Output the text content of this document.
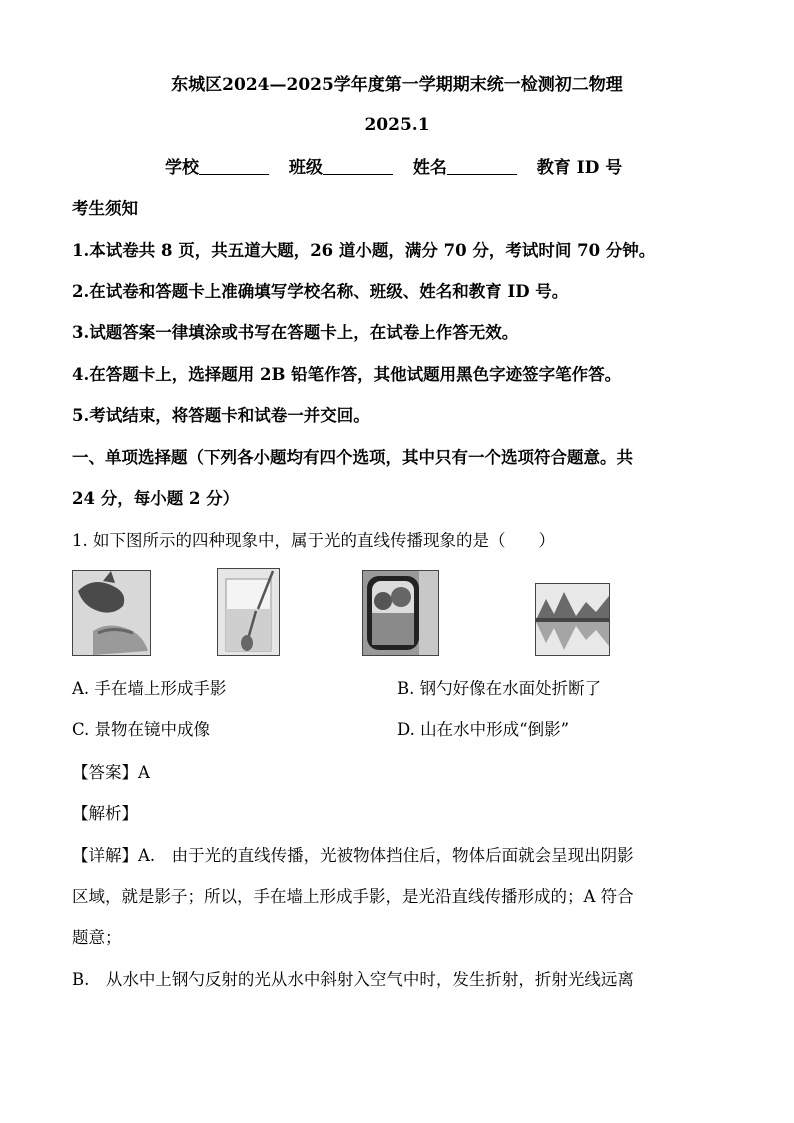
东城区2024—2025学年度第一学期期末统一检测初二物理
2025.1
学校	班级	姓名	教育 ID 号
考生须知
1.本试卷共 8 页，共五道大题，26 道小题，满分 70 分，考试时间 70 分钟。
2.在试卷和答题卡上准确填写学校名称、班级、姓名和教育 ID 号。
3.试题答案一律填涂或书写在答题卡上，在试卷上作答无效。
4.在答题卡上，选择题用 2B 铅笔作答，其他试题用黑色字迹签字笔作答。
5.考试结束，将答题卡和试卷一并交回。
一、单项选择题（下列各小题均有四个选项，其中只有一个选项符合题意。共
24 分，每小题 2 分）
1. 如下图所示的四种现象中，属于光的直线传播现象的是（　　）
A. 手在墙上形成手影	B. 钢勺好像在水面处折断了
C. 景物在镜中成像	D. 山在水中形成“倒影”
【答案】A
【解析】
【详解】A.　由于光的直线传播，光被物体挡住后，物体后面就会呈现出阴影
区域，就是影子；所以，手在墙上形成手影，是光沿直线传播形成的；A 符合
题意；
B.　从水中上钢勺反射的光从水中斜射入空气中时，发生折射，折射光线远离
